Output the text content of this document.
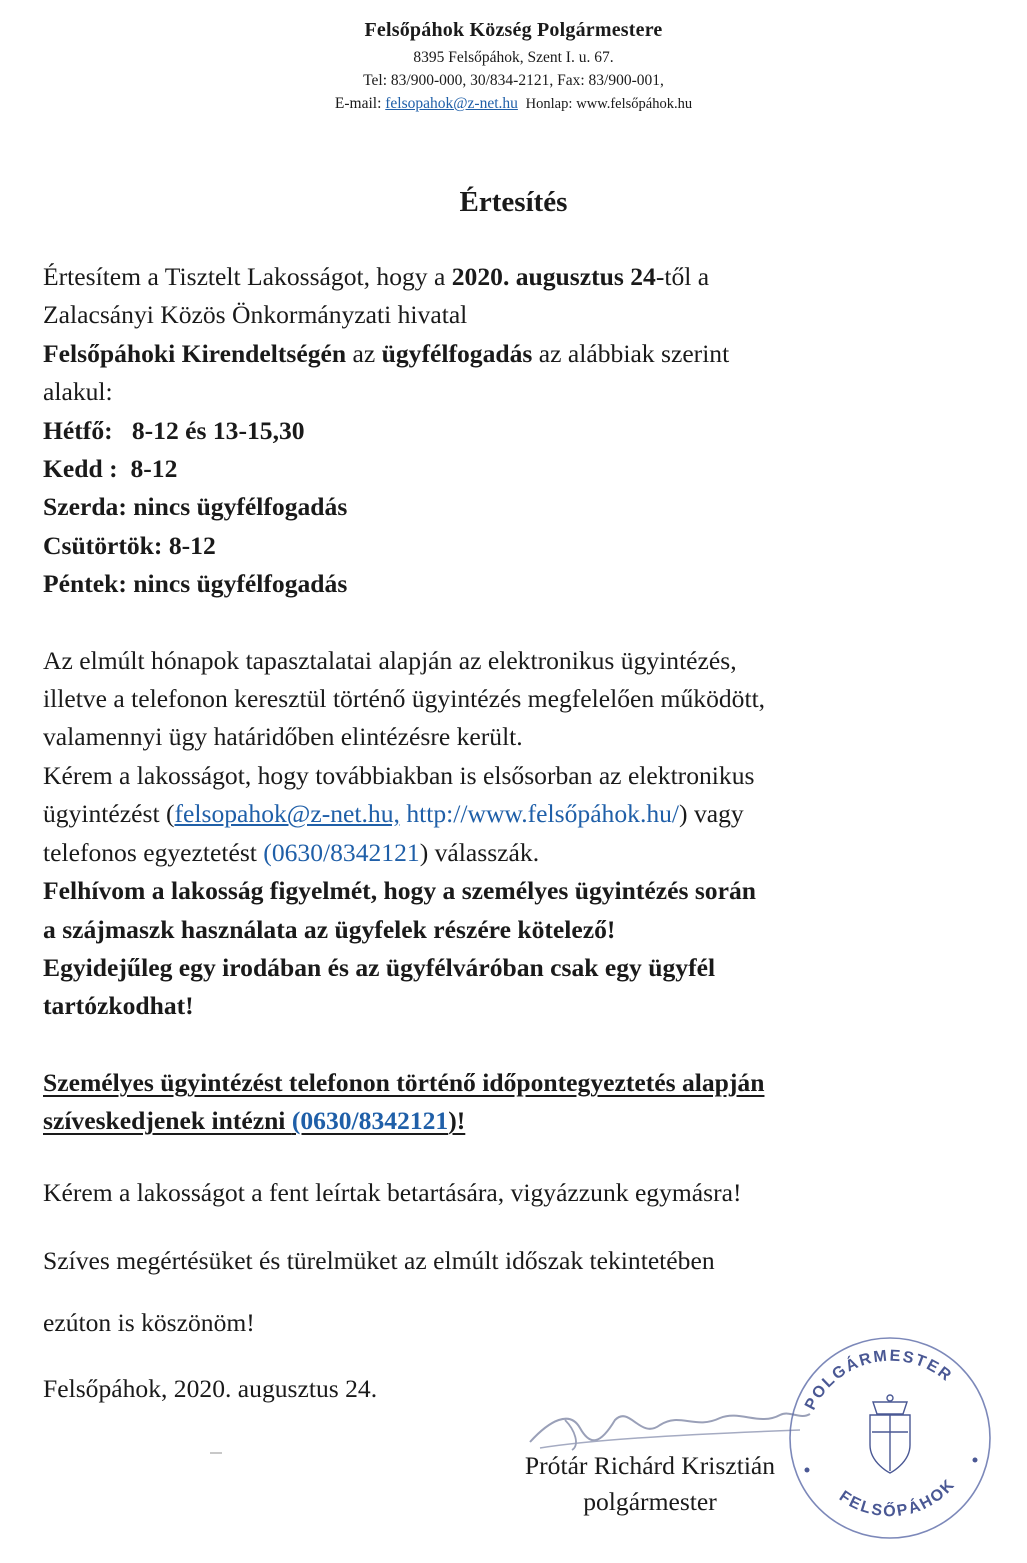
Felsőpáhok Község Polgármestere
8395 Felsőpáhok, Szent I. u. 67.
Tel: 83/900-000, 30/834-2121, Fax: 83/900-001,
E-mail: felsopahok@z-net.hu Honlap: www.felsőpáhok.hu
Értesítés

Értesítem a Tisztelt Lakosságot, hogy a 2020. augusztus 24-től a

Zalacsányi Közös Önkormányzati hivatal

Felsőpáhoki Kirendeltségén az ügyfélfogadás az alábbiak szerint

alakul:

Hétfő:   8-12 és 13-15,30

Kedd :  8-12

Szerda: nincs ügyfélfogadás

Csütörtök: 8-12

Péntek: nincs ügyfélfogadás

Az elmúlt hónapok tapasztalatai alapján az elektronikus ügyintézés,

illetve a telefonon keresztül történő ügyintézés megfelelően működött,

valamennyi ügy határidőben elintézésre került.

Kérem a lakosságot, hogy továbbiakban is elsősorban az elektronikus

ügyintézést (felsopahok@z-net.hu, http://www.felsőpáhok.hu/) vagy

telefonos egyeztetést (0630/8342121) válasszák.

Felhívom a lakosság figyelmét, hogy a személyes ügyintézés során

a szájmaszk használata az ügyfelek részére kötelező!

Egyidejűleg egy irodában és az ügyfélváróban csak egy ügyfél

tartózkodhat!

Személyes ügyintézést telefonon történő időpontegyeztetés alapján

szíveskedjenek intézni (0630/8342121)!

Kérem a lakosságot a fent leírtak betartására, vigyázzunk egymásra!
Szíves megértésüket és türelmüket az elmúlt időszak tekintetében
ezúton is köszönöm!
Felsőpáhok, 2020. augusztus 24.
Prótár Richárd Krisztián
polgármester
POLGÁRMESTER
FELSŐPÁHOK
